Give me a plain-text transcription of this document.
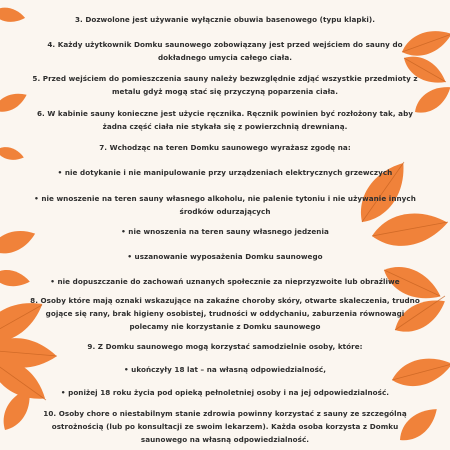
3. Dozwolone jest używanie wyłącznie obuwia basenowego (typu klapki).
4. Każdy użytkownik Domku saunowego zobowiązany jest przed wejściem do sauny do
dokładnego umycia całego ciała.
5. Przed wejściem do pomieszczenia sauny należy bezwzględnie zdjąć wszystkie przedmioty z
metalu gdyż mogą stać się przyczyną poparzenia ciała.
6. W kabinie sauny konieczne jest użycie ręcznika. Ręcznik powinien być rozłożony tak, aby
żadna część ciała nie stykała się z powierzchnią drewnianą.
7. Wchodząc na teren Domku saunowego wyrażasz zgodę na:
• nie dotykanie i nie manipulowanie przy urządzeniach elektrycznych grzewczych
• nie wnoszenie na teren sauny własnego alkoholu, nie palenie tytoniu i nie używanie innych
środków odurzających
• nie wnoszenia na teren sauny własnego jedzenia
• uszanowanie wyposażenia Domku saunowego
• nie dopuszczanie do zachowań uznanych społecznie za nieprzyzwoite lub obraźliwe
8. Osoby które mają oznaki wskazujące na zakaźne choroby skóry, otwarte skaleczenia, trudno
gojące się rany, brak higieny osobistej, trudności w oddychaniu, zaburzenia równowagi
polecamy nie korzystanie z Domku saunowego
9. Z Domku saunowego mogą korzystać samodzielnie osoby, które:
• ukończyły 18 lat – na własną odpowiedzialność,
• poniżej 18 roku życia pod opieką pełnoletniej osoby i na jej odpowiedzialność.
10. Osoby chore o niestabilnym stanie zdrowia powinny korzystać z sauny ze szczególną
ostrożnością (lub po konsultacji ze swoim lekarzem). Każda osoba korzysta z Domku
saunowego na własną odpowiedzialność.
